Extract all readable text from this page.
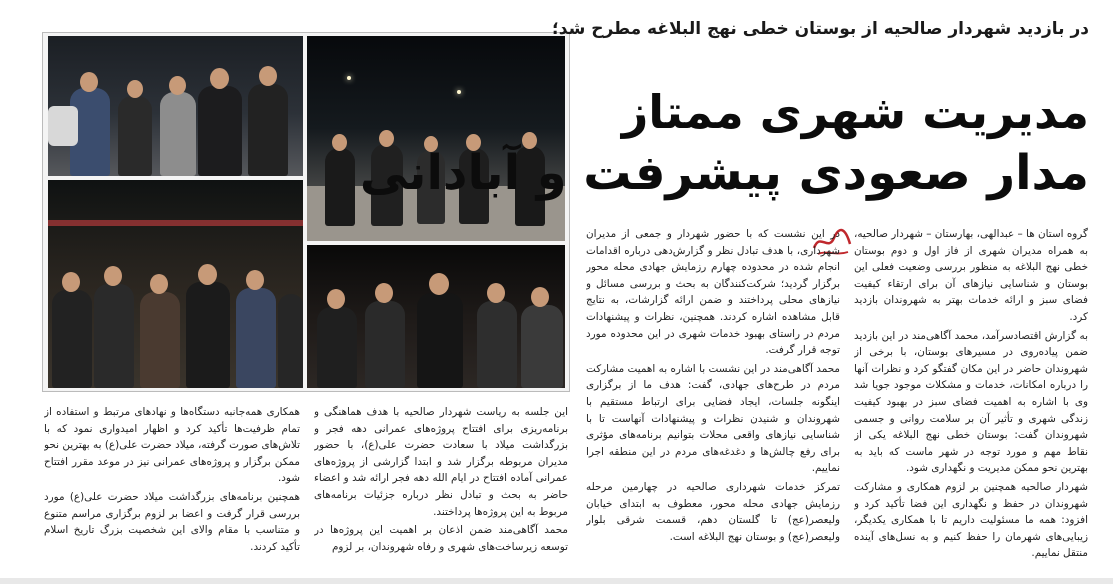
در بازدید شهردار صالحیه از بوستان خطی نهج البلاغه مطرح شد؛
مدیریت شهری ممتاز
مدار صعودی پیشرفت و آبادانی

گروه استان ها – عبدالهی، بهارستان – شهردار صالحیه، به همراه مدیران شهری از فاز اول و دوم بوستان خطی نهج البلاغه به منظور بررسی وضعیت فعلی این بوستان و شناسایی نیازهای آن برای ارتقاء کیفیت فضای سبز و ارائه خدمات بهتر به شهروندان بازدید کرد.

به گزارش اقتصادسرآمد، محمد آگاهی‌مند در این بازدید ضمن پیاده‌روی در مسیرهای بوستان، با برخی از شهروندان حاضر در این مکان گفتگو کرد و نظرات آنها را درباره امکانات، خدمات و مشکلات موجود جویا شد وی با اشاره به اهمیت فضای سبز در بهبود کیفیت زندگی شهری و تأثیر آن بر سلامت روانی و جسمی شهروندان گفت: بوستان خطی نهج البلاغه یکی از نقاط مهم و مورد توجه در شهر ماست که باید به بهترین نحو ممکن مدیریت و نگهداری شود.

شهردار صالحیه همچنین بر لزوم همکاری و مشارکت شهروندان در حفظ و نگهداری این فضا تأکید کرد و افزود: همه ما مسئولیت داریم تا با همکاری یکدیگر، زیبایی‌های شهرمان را حفظ کنیم و به نسل‌های آینده منتقل نماییم.

در این نشست که با حضور شهردار و جمعی از مدیران شهرداری، با هدف تبادل نظر و گزارش‌دهی درباره اقدامات انجام شده در محدوده چهارم رزمایش جهادی محله محور برگزار گردید؛ شرکت‌کنندگان به بحث و بررسی مسائل و نیازهای محلی پرداختند و ضمن ارائه گزارشات، به نتایج قابل مشاهده اشاره کردند. همچنین، نظرات و پیشنهادات مردم در راستای بهبود خدمات شهری در این محدوده مورد توجه قرار گرفت.

محمد آگاهی‌مند در این نشست با اشاره به اهمیت مشارکت مردم در طرح‌های جهادی، گفت: هدف ما از برگزاری اینگونه جلسات، ایجاد فضایی برای ارتباط مستقیم با شهروندان و شنیدن نظرات و پیشنهادات آنهاست تا با شناسایی نیازهای واقعی محلات بتوانیم برنامه‌های مؤثری برای رفع چالش‌ها و دغدغه‌های مردم در این منطقه اجرا نماییم.

تمرکز خدمات شهرداری صالحیه در چهارمین مرحله رزمایش جهادی محله محور، معطوف به ابتدای خیابان ولیعصر(عج) تا گلستان دهم، قسمت شرقی بلوار ولیعصر(عج) و بوستان نهج البلاغه است.

این جلسه به ریاست شهردار صالحیه با هدف هماهنگی و برنامه‌ریزی برای افتتاح پروژه‌های عمرانی دهه فجر و بزرگداشت میلاد با سعادت حضرت علی(ع)، با حضور مدیران مربوطه برگزار شد و ابتدا گزارشی از پروژه‌های عمرانی آماده افتتاح در ایام الله دهه فجر ارائه شد و اعضاء حاضر به بحث و تبادل نظر درباره جزئیات برنامه‌های مربوط به این پروژه‌ها پرداختند.

محمد آگاهی‌مند ضمن اذعان بر اهمیت این پروژه‌ها در توسعه زیرساخت‌های شهری و رفاه شهروندان، بر لزوم

همکاری همه‌جانبه دستگاه‌ها و نهادهای مرتبط و استفاده از تمام ظرفیت‌ها تأکید کرد و اظهار امیدواری نمود که با تلاش‌های صورت گرفته، میلاد حضرت علی(ع) به بهترین نحو ممکن برگزار و پروژه‌های عمرانی نیز در موعد مقرر افتتاح شود.

همچنین برنامه‌های بزرگداشت میلاد حضرت علی(ع) مورد بررسی قرار گرفت و اعضا بر لزوم برگزاری مراسم متنوع و متناسب با مقام والای این شخصیت بزرگ تاریخ اسلام تأکید کردند.
